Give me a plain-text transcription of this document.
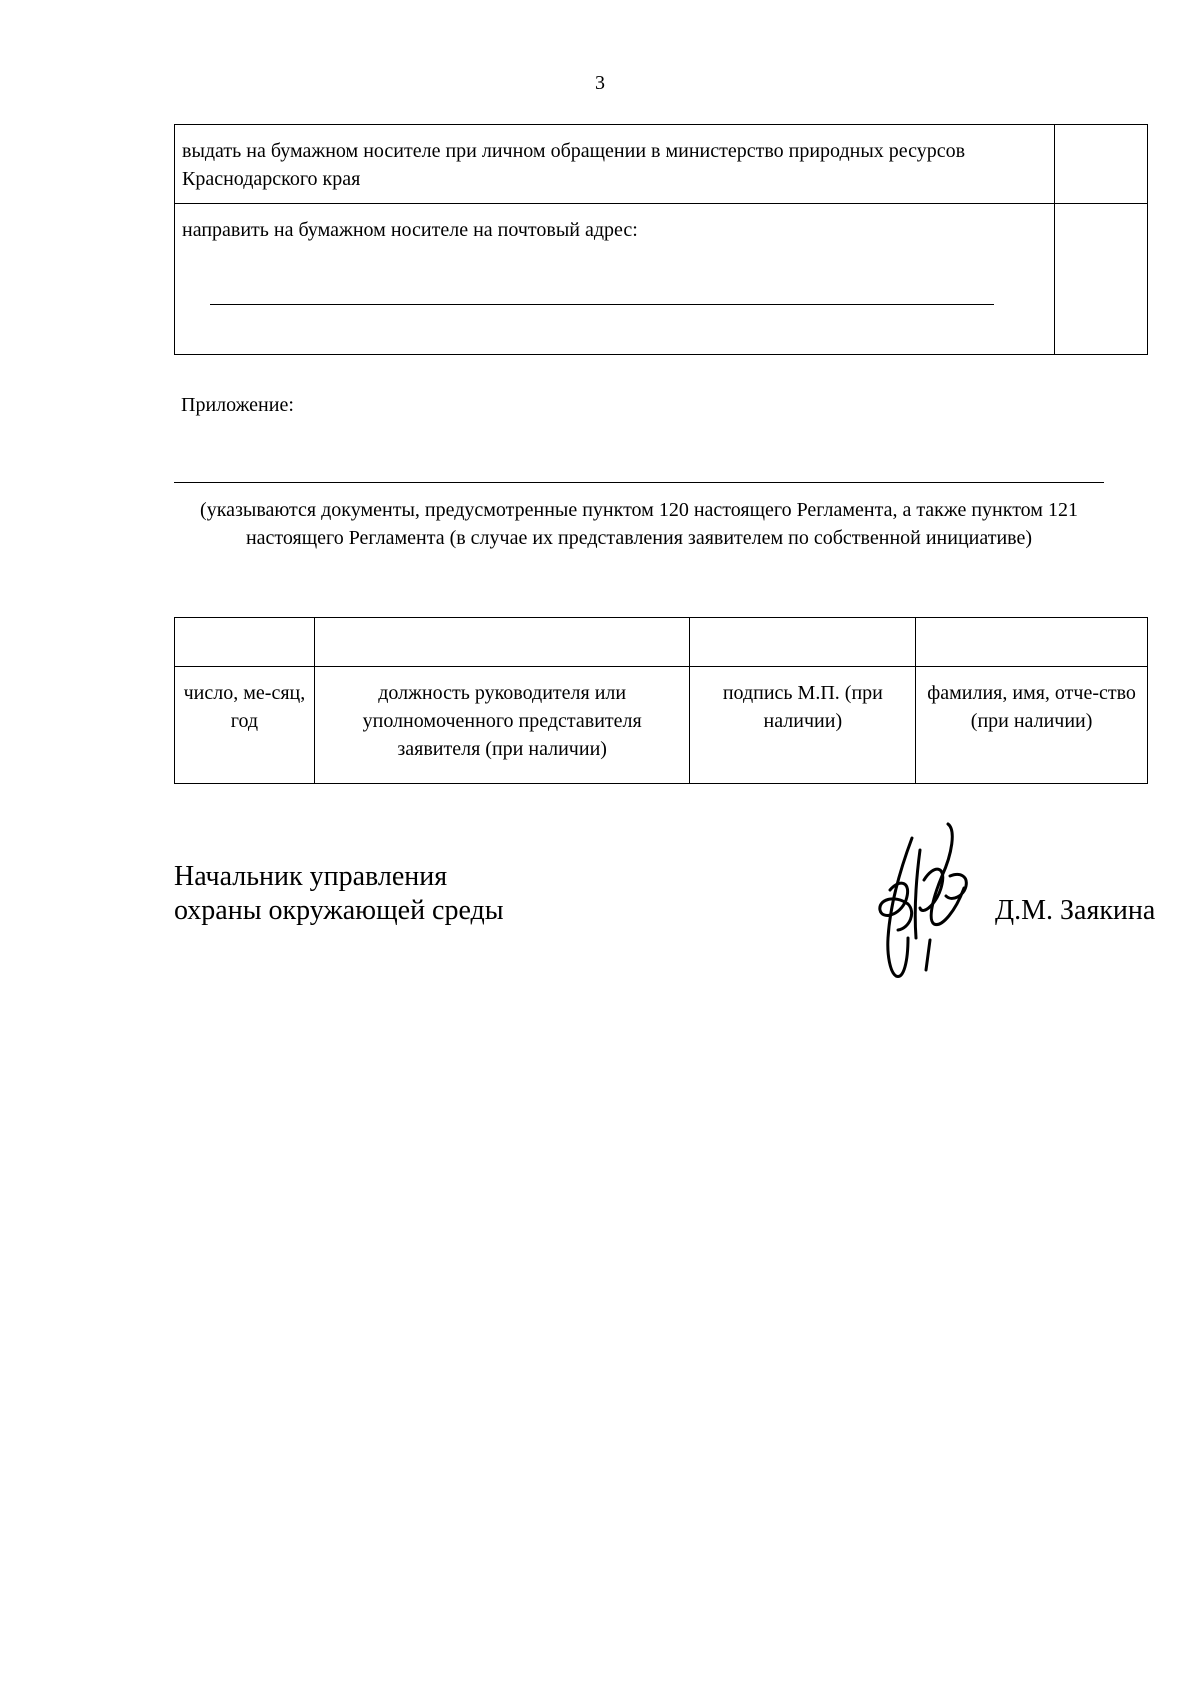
3
выдать на бумажном носителе при личном обращении в министерство природных ресурсов Краснодарского края	
направить на бумажном носителе на почтовый адрес:	
Приложение:
(указываются документы, предусмотренные пунктом 120 настоящего Регламента, а также пунктом 121 настоящего Регламента (в случае их представления заявителем по собственной инициативе)

число, ме-сяц, год	должность руководителя или уполномоченного представителя заявителя (при наличии)	подпись М.П. (при наличии)	фамилия, имя, отче-ство (при наличии)
Начальник управления
охраны окружающей среды	Д.М. Заякина
